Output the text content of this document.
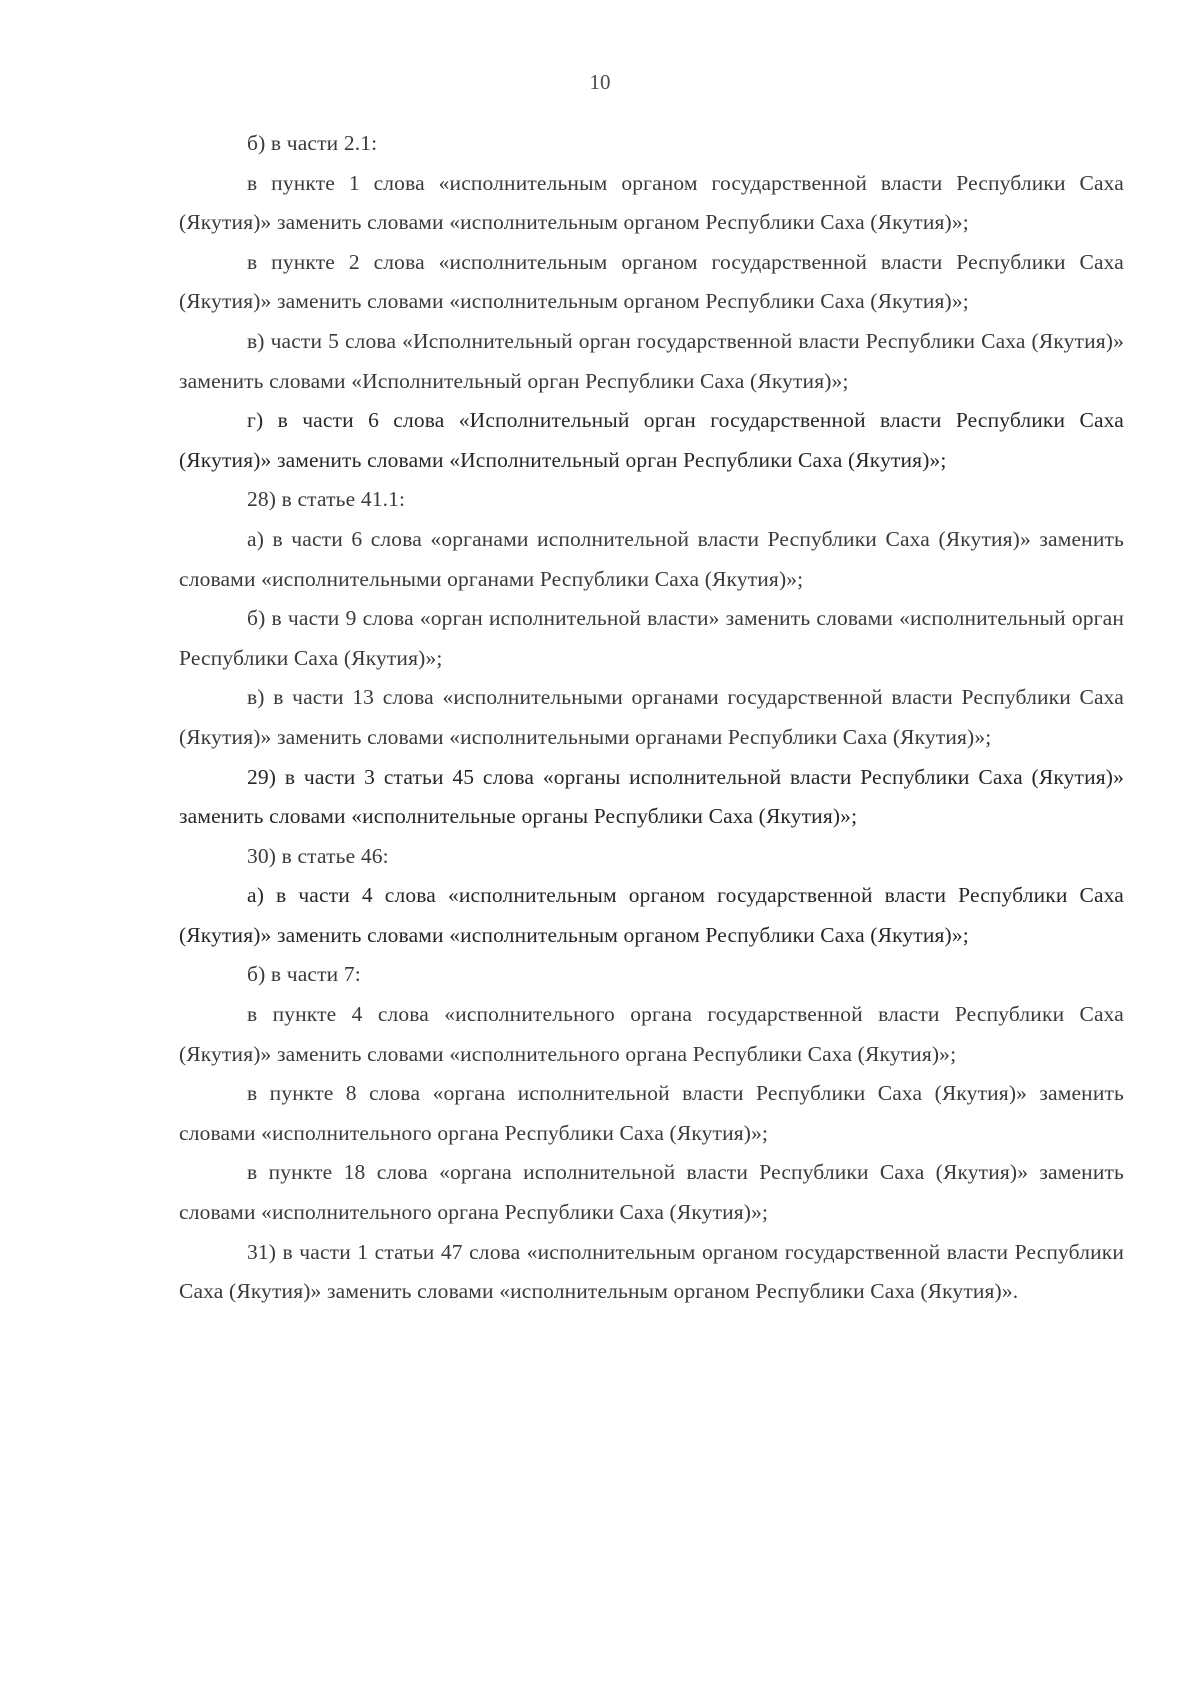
10

б) в части 2.1:

в пункте 1 слова «исполнительным органом государственной власти Республики Саха (Якутия)» заменить словами «исполнительным органом Республики Саха (Якутия)»;

в пункте 2 слова «исполнительным органом государственной власти Республики Саха (Якутия)» заменить словами «исполнительным органом Республики Саха (Якутия)»;

в) части 5 слова «Исполнительный орган государственной власти Республики Саха (Якутия)» заменить словами «Исполнительный орган Республики Саха (Якутия)»;

г) в части 6 слова «Исполнительный орган государственной власти Республики Саха (Якутия)» заменить словами «Исполнительный орган Республики Саха (Якутия)»;

28) в статье 41.1:

а) в части 6 слова «органами исполнительной власти Республики Саха (Якутия)» заменить словами «исполнительными органами Республики Саха (Якутия)»;

б) в части 9 слова «орган исполнительной власти» заменить словами «исполнительный орган Республики Саха (Якутия)»;

в) в части 13 слова «исполнительными органами государственной власти Республики Саха (Якутия)» заменить словами «исполнительными органами Республики Саха (Якутия)»;

29) в части 3 статьи 45 слова «органы исполнительной власти Республики Саха (Якутия)» заменить словами «исполнительные органы Республики Саха (Якутия)»;

30) в статье 46:

а) в части 4 слова «исполнительным органом государственной власти Республики Саха (Якутия)» заменить словами «исполнительным органом Республики Саха (Якутия)»;

б) в части 7:

в пункте 4 слова «исполнительного органа государственной власти Республики Саха (Якутия)» заменить словами «исполнительного органа Республики Саха (Якутия)»;

в пункте 8 слова «органа исполнительной власти Республики Саха (Якутия)» заменить словами «исполнительного органа Республики Саха (Якутия)»;

в пункте 18 слова «органа исполнительной власти Республики Саха (Якутия)» заменить словами «исполнительного органа Республики Саха (Якутия)»;

31) в части 1 статьи 47 слова «исполнительным органом государственной власти Республики Саха (Якутия)» заменить словами «исполнительным органом Республики Саха (Якутия)».
